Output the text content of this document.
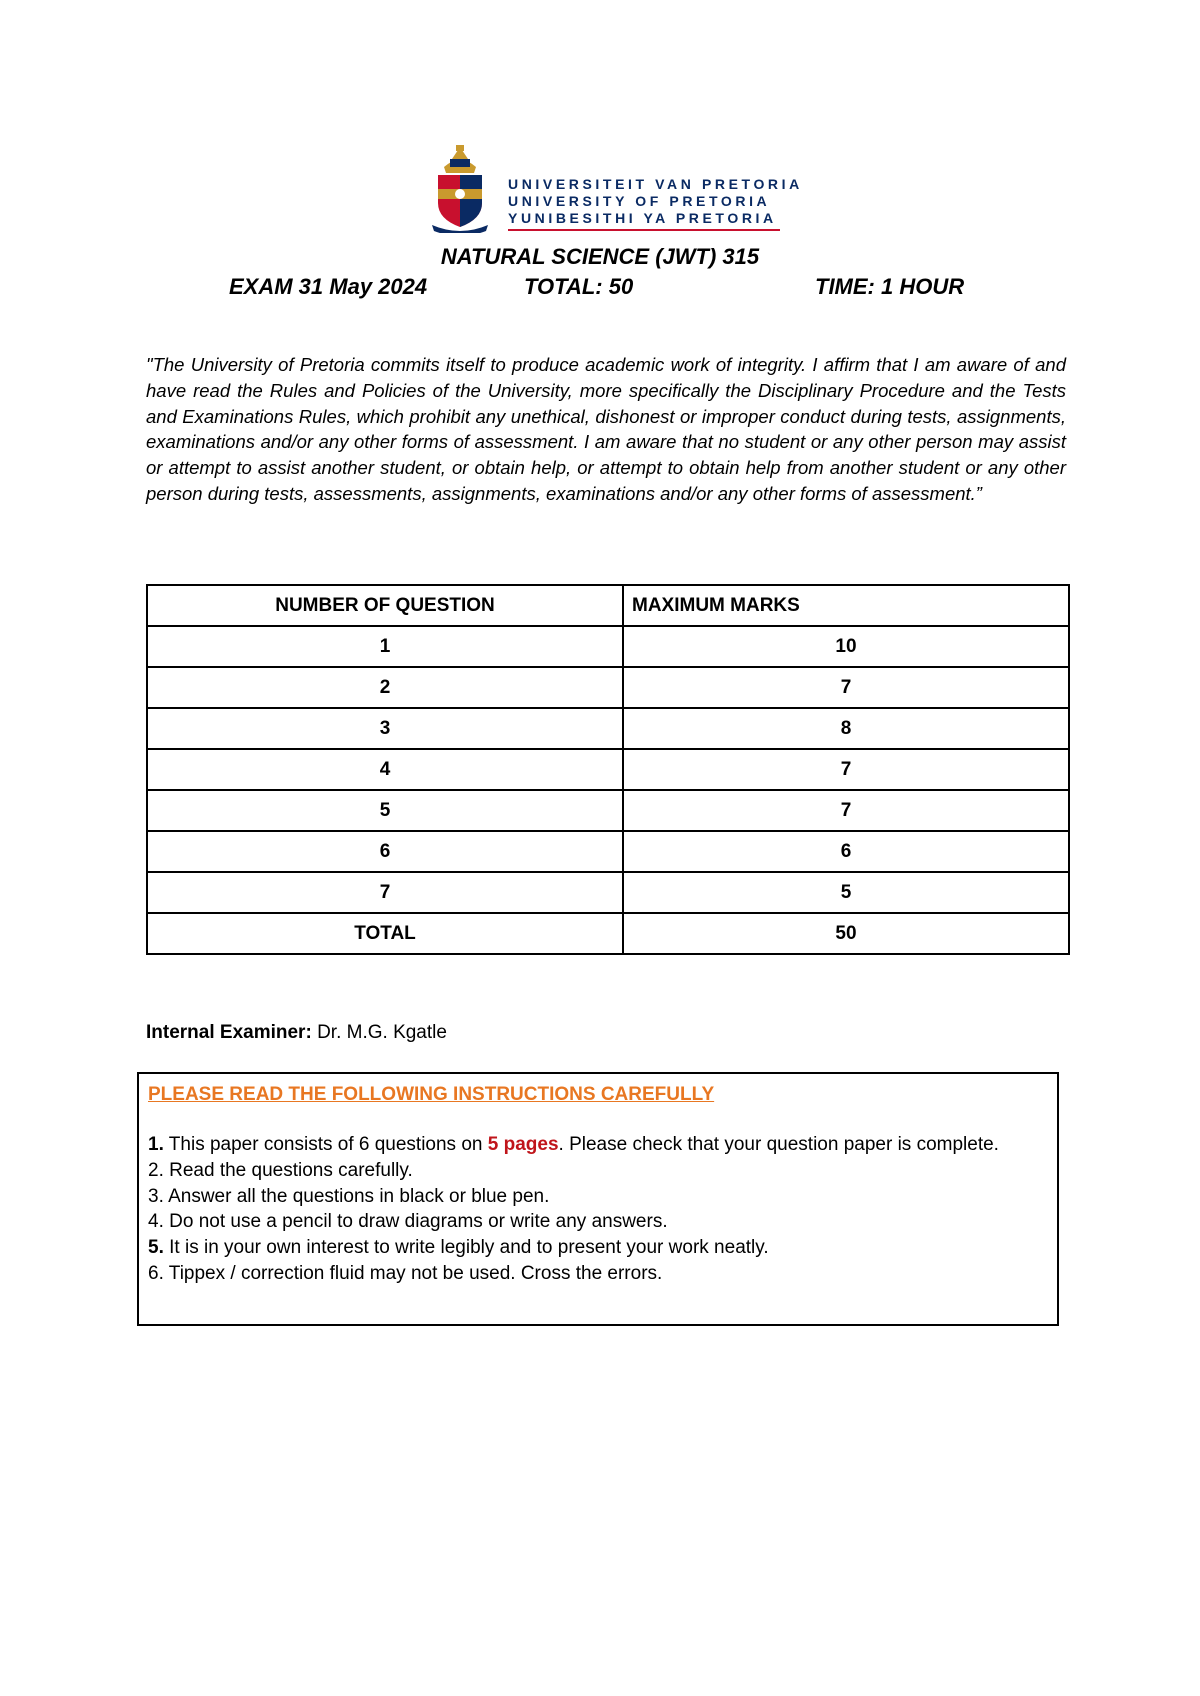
UNIVERSITEIT VAN PRETORIA
UNIVERSITY OF PRETORIA
YUNIBESITHI YA PRETORIA
NATURAL SCIENCE (JWT) 315
EXAM 31 May 2024	TOTAL: 50	TIME: 1 HOUR
"The University of Pretoria commits itself to produce academic work of integrity. I affirm that I am aware of and have read the Rules and Policies of the University, more specifically the Disciplinary Procedure and the Tests and Examinations Rules, which prohibit any unethical, dishonest or improper conduct during tests, assignments, examinations and/or any other forms of assessment. I am aware that no student or any other person may assist or attempt to assist another student, or obtain help, or attempt to obtain help from another student or any other person during tests, assessments, assignments, examinations and/or any other forms of assessment.”
NUMBER OF QUESTION	MAXIMUM MARKS
1	10
2	7
3	8
4	7
5	7
6	6
7	5
TOTAL	50
Internal Examiner: Dr. M.G. Kgatle
PLEASE READ THE FOLLOWING INSTRUCTIONS CAREFULLY
1. This paper consists of 6 questions on 5 pages. Please check that your question paper is complete.
2. Read the questions carefully.
3. Answer all the questions in black or blue pen.
4. Do not use a pencil to draw diagrams or write any answers.
5. It is in your own interest to write legibly and to present your work neatly.
6. Tippex / correction fluid may not be used. Cross the errors.
